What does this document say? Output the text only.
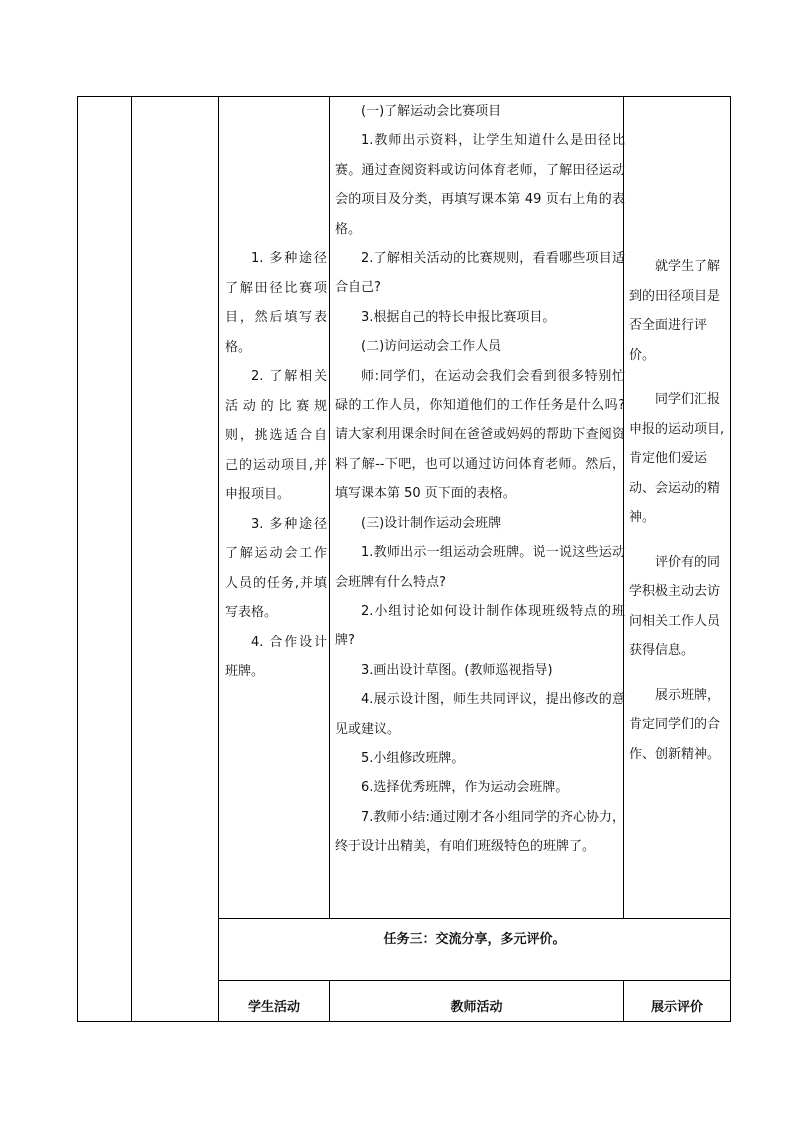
1. 多种途径了解田径比赛项目，然后填写表格。

2. 了解相关活动的比赛规则，挑选适合自己的运动项目,并申报项目。

3. 多种途径了解运动会工作人员的任务,并填写表格。

4. 合作设计班牌。

(一)了解运动会比赛项目

1.教师出示资料，让学生知道什么是田径比赛。通过查阅资料或访问体育老师，了解田径运动会的项目及分类，再填写课本第 49 页右上角的表格。

2.了解相关活动的比赛规则，看看哪些项目适合自己?

3.根据自己的特长申报比赛项目。

(二)访问运动会工作人员

师:同学们，在运动会我们会看到很多特别忙碌的工作人员，你知道他们的工作任务是什么吗?请大家利用课余时间在爸爸或妈妈的帮助下查阅资料了解--下吧，也可以通过访问体育老师。然后，填写课本第 50 页下面的表格。

(三)设计制作运动会班牌

1.教师出示一组运动会班牌。说一说这些运动会班牌有什么特点?

2.小组讨论如何设计制作体现班级特点的班牌?

3.画出设计草图。(教师巡视指导)

4.展示设计图，师生共同评议，提出修改的意见或建议。

5.小组修改班牌。

6.选择优秀班牌，作为运动会班牌。

7.教师小结:通过刚才各小组同学的齐心协力，终于设计出精美，有咱们班级特色的班牌了。

就学生了解到的田径项目是否全面进行评价。

同学们汇报申报的运动项目,肯定他们爱运动、会运动的精神。

评价有的同学积极主动去访问相关工作人员获得信息。

展示班牌，肯定同学们的合作、创新精神。

任务三：交流分享，多元评价。
学生活动	教师活动	展示评价
